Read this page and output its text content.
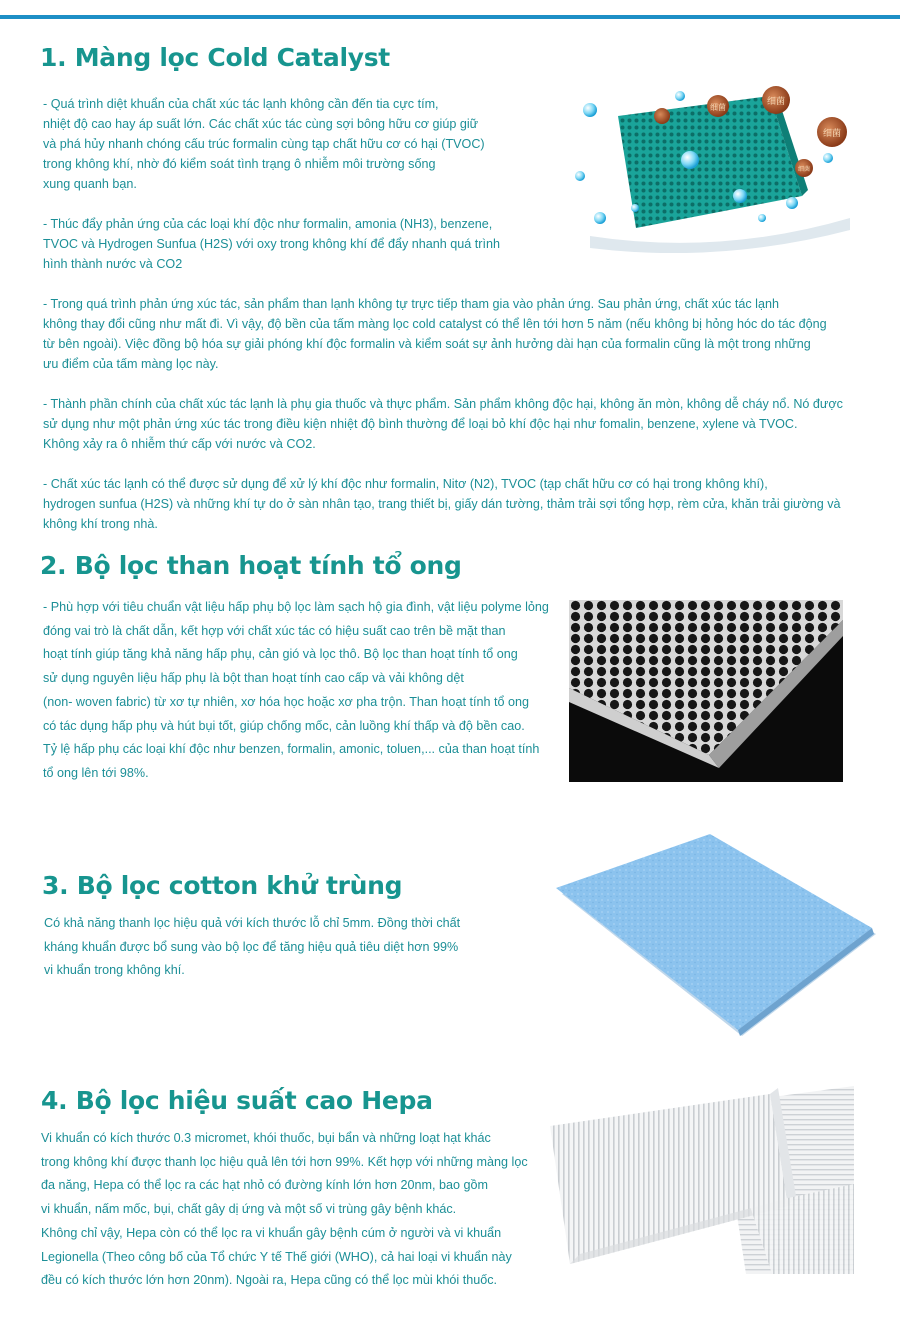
1. Màng lọc Cold Catalyst
- Quá trình diệt khuẩn của chất xúc tác lạnh không cần đến tia cực tím,
nhiệt độ cao hay áp suất lớn. Các chất xúc tác cùng sợi bông hữu cơ giúp giữ
và phá hủy nhanh chóng cấu trúc formalin cùng tạp chất hữu cơ có hại (TVOC)
trong không khí, nhờ đó kiểm soát tình trạng ô nhiễm môi trường sống
xung quanh bạn.
- Thúc đẩy phản ứng của các loại khí độc như formalin, amonia (NH3), benzene,
TVOC và Hydrogen Sunfua (H2S) với oxy trong không khí để đẩy nhanh quá trình
hình thành nước và CO2
- Trong quá trình phản ứng xúc tác, sản phẩm than lạnh không tự trực tiếp tham gia vào phản ứng. Sau phản ứng, chất xúc tác lạnh
không thay đổi cũng như mất đi. Vì vậy, độ bền của tấm màng lọc cold catalyst có thể lên tới hơn 5 năm (nếu không bị hỏng hóc do tác động
từ bên ngoài). Việc đồng bộ hóa sự giải phóng khí độc formalin và kiểm soát sự ảnh hưởng dài hạn của formalin cũng là một trong những
ưu điểm của tấm màng lọc này.
- Thành phần chính của chất xúc tác lạnh là phụ gia thuốc và thực phẩm. Sản phẩm không độc hại, không ăn mòn, không dễ cháy nổ. Nó được
sử dụng như một phản ứng xúc tác trong điều kiện nhiệt độ bình thường để loại bỏ khí độc hại như fomalin, benzene, xylene và TVOC.
Không xảy ra ô nhiễm thứ cấp với nước và CO2.
- Chất xúc tác lạnh có thể được sử dụng để xử lý khí độc như formalin, Nitơ (N2), TVOC (tạp chất hữu cơ có hại trong không khí),
hydrogen sunfua (H2S) và những khí tự do ở sàn nhân tạo, trang thiết bị, giấy dán tường, thảm trải sợi tổng hợp, rèm cửa, khăn trải giường và
không khí trong nhà.
细菌
细菌
细菌
细菌
2. Bộ lọc than hoạt tính tổ ong
- Phù hợp với tiêu chuẩn vật liệu hấp phụ bộ lọc làm sạch hộ gia đình, vật liệu polyme lỏng
đóng vai trò là chất dẫn, kết hợp với chất xúc tác có hiệu suất cao trên bề mặt than
hoạt tính giúp tăng khả năng hấp phụ, cản gió và lọc thô. Bộ lọc than hoạt tính tổ ong
sử dụng nguyên liệu hấp phụ là bột than hoạt tính cao cấp và vải không dệt
(non- woven fabric) từ xơ tự nhiên, xơ hóa học hoặc xơ pha trộn. Than hoạt tính tổ ong
có tác dụng hấp phụ và hút bụi tốt, giúp chống mốc, cản luồng khí thấp và độ bền cao.
Tỷ lệ hấp phụ các loại khí độc như benzen, formalin, amonic, toluen,... của than hoạt tính
tổ ong lên tới 98%.
3. Bộ lọc cotton khử trùng
Có khả năng thanh lọc hiệu quả với kích thước lỗ chỉ 5mm. Đồng thời chất
kháng khuẩn được bổ sung vào bộ lọc để tăng hiệu quả tiêu diệt hơn 99%
vi khuẩn trong không khí.
4. Bộ lọc hiệu suất cao Hepa
Vi khuẩn có kích thước 0.3 micromet, khói thuốc, bụi bẩn và những loạt hạt khác
trong không khí được thanh lọc hiệu quả lên tới hơn 99%. Kết hợp với những màng lọc
đa năng, Hepa có thể lọc ra các hạt nhỏ có đường kính lớn hơn 20nm, bao gồm
vi khuẩn, nấm mốc, bụi, chất gây dị ứng và một số vi trùng gây bệnh khác.
Không chỉ vậy, Hepa còn có thể lọc ra vi khuẩn gây bệnh cúm ở người và vi khuẩn
Legionella (Theo công bố của Tổ chức Y tế Thế giới (WHO), cả hai loại vi khuẩn này
đều có kích thước lớn hơn 20nm). Ngoài ra, Hepa cũng có thể lọc mùi khói thuốc.
